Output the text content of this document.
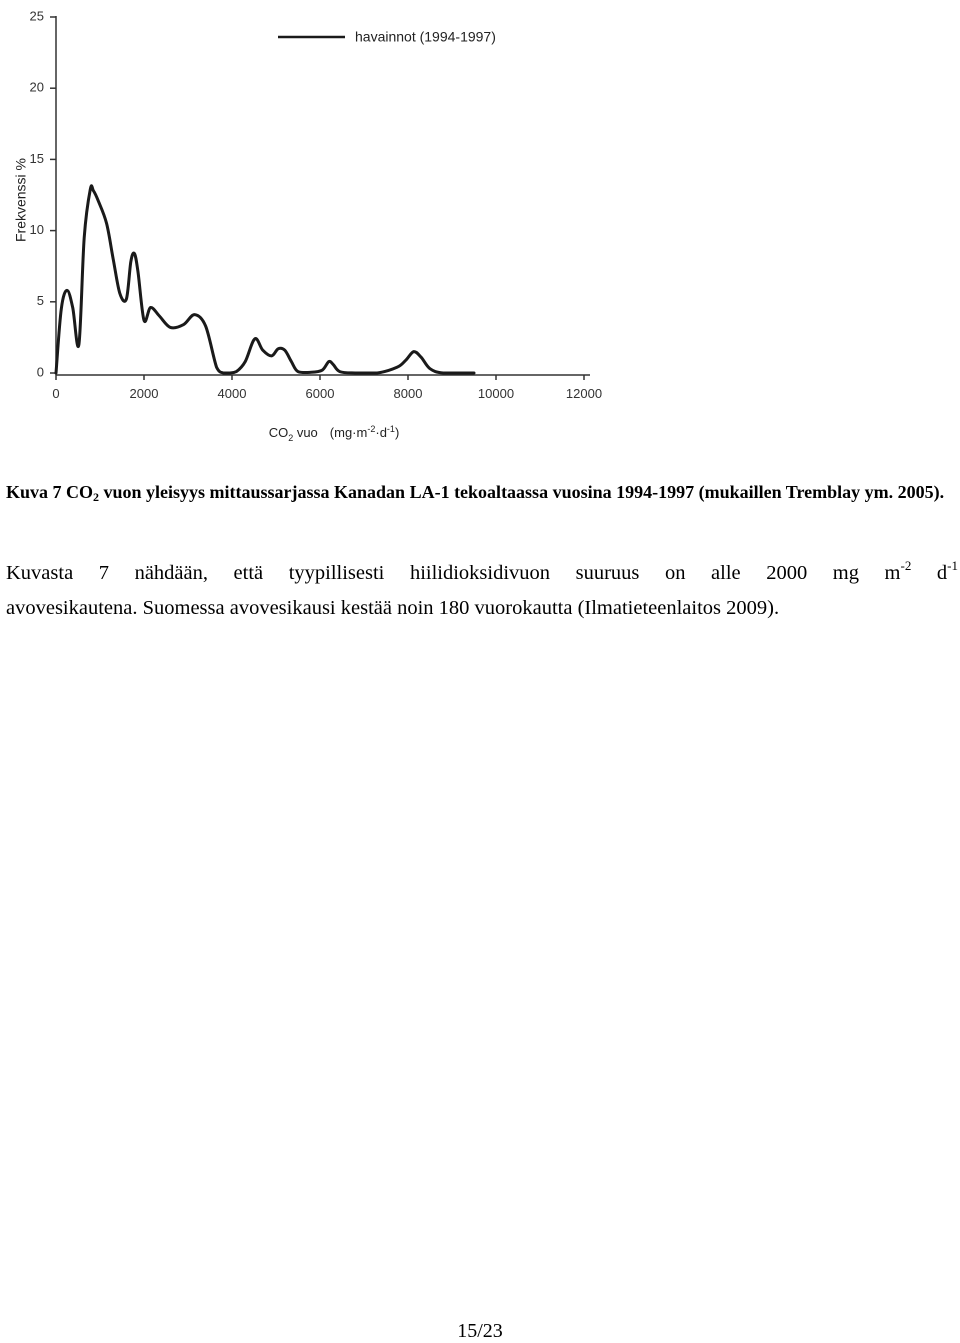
0
5
10
15
20
25
0	2000	4000	6000	8000	10000	12000
havainnot (1994-1997)
Frekvenssi %
$CO_2$ vuo $(mg\cdot m^{-2}\cdot d^{-1})$
Kuva 7 $CO_2$ vuon yleisyys mittaussarjassa Kanadan LA-1 tekoaltaassa vuosina 1994-1997 (mukaillen Tremblay ym. 2005).
Kuvasta 7 nähdään, että tyypillisesti hiilidioksidivuon suuruus on alle 2000 mg $m^{-2}$ $d^{-1}$
avovesikautena. Suomessa avovesikausi kestää noin 180 vuorokautta (Ilmatieteenlaitos 2009).
15/23
